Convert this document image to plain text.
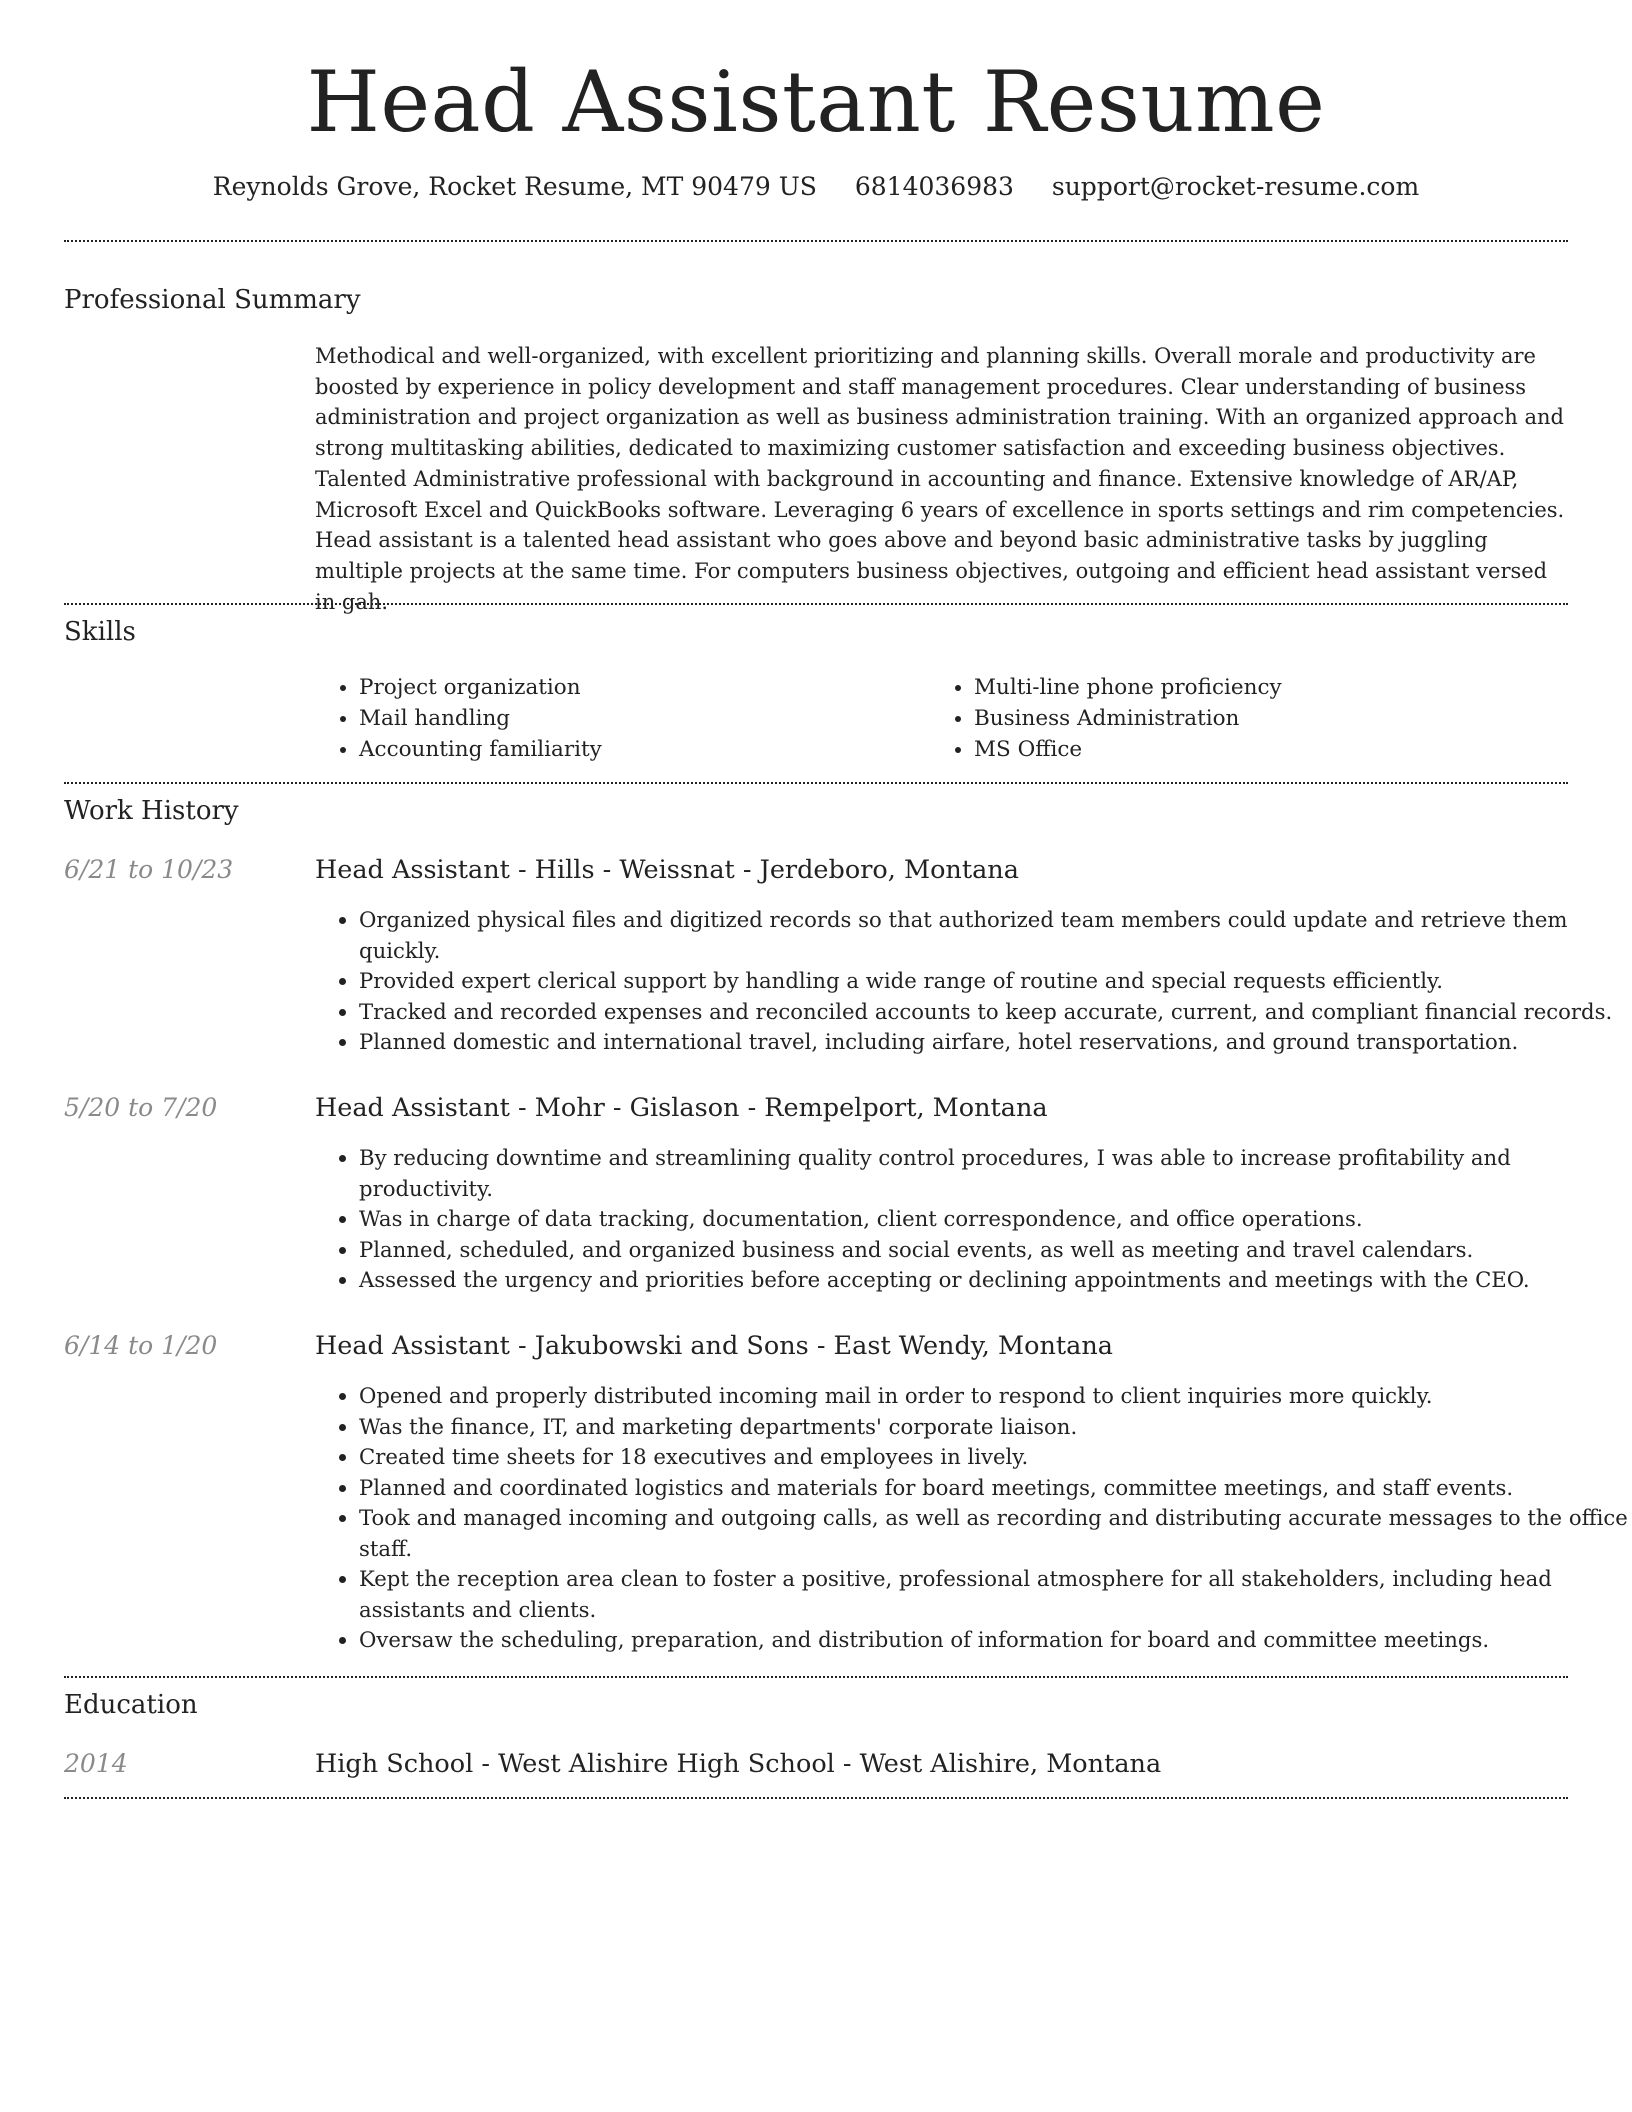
Head Assistant Resume
Reynolds Grove, Rocket Resume, MT 90479 US 6814036983 support@rocket-resume.com
Professional Summary
Methodical and well-organized, with excellent prioritizing and planning skills. Overall morale and productivity are boosted by experience in policy development and staff management procedures. Clear understanding of business administration and project organization as well as business administration training. With an organized approach and strong multitasking abilities, dedicated to maximizing customer satisfaction and exceeding business objectives. Talented Administrative professional with background in accounting and finance. Extensive knowledge of AR/AP, Microsoft Excel and QuickBooks software. Leveraging 6 years of excellence in sports settings and rim competencies. Head assistant is a talented head assistant who goes above and beyond basic administrative tasks by juggling multiple projects at the same time. For computers business objectives, outgoing and efficient head assistant versed in gah.
Skills
• Project organization
• Mail handling
• Accounting familiarity
• Multi-line phone proficiency
• Business Administration
• MS Office
Work History
6/21 to 10/23	Head Assistant - Hills - Weissnat - Jerdeboro, Montana
• Organized physical files and digitized records so that authorized team members could update and retrieve them quickly.
• Provided expert clerical support by handling a wide range of routine and special requests efficiently.
• Tracked and recorded expenses and reconciled accounts to keep accurate, current, and compliant financial records.
• Planned domestic and international travel, including airfare, hotel reservations, and ground transportation.
5/20 to 7/20	Head Assistant - Mohr - Gislason - Rempelport, Montana
• By reducing downtime and streamlining quality control procedures, I was able to increase profitability and productivity.
• Was in charge of data tracking, documentation, client correspondence, and office operations.
• Planned, scheduled, and organized business and social events, as well as meeting and travel calendars.
• Assessed the urgency and priorities before accepting or declining appointments and meetings with the CEO.
6/14 to 1/20	Head Assistant - Jakubowski and Sons - East Wendy, Montana
• Opened and properly distributed incoming mail in order to respond to client inquiries more quickly.
• Was the finance, IT, and marketing departments' corporate liaison.
• Created time sheets for 18 executives and employees in lively.
• Planned and coordinated logistics and materials for board meetings, committee meetings, and staff events.
• Took and managed incoming and outgoing calls, as well as recording and distributing accurate messages to the office staff.
• Kept the reception area clean to foster a positive, professional atmosphere for all stakeholders, including head assistants and clients.
• Oversaw the scheduling, preparation, and distribution of information for board and committee meetings.
Education
2014	High School - West Alishire High School - West Alishire, Montana
